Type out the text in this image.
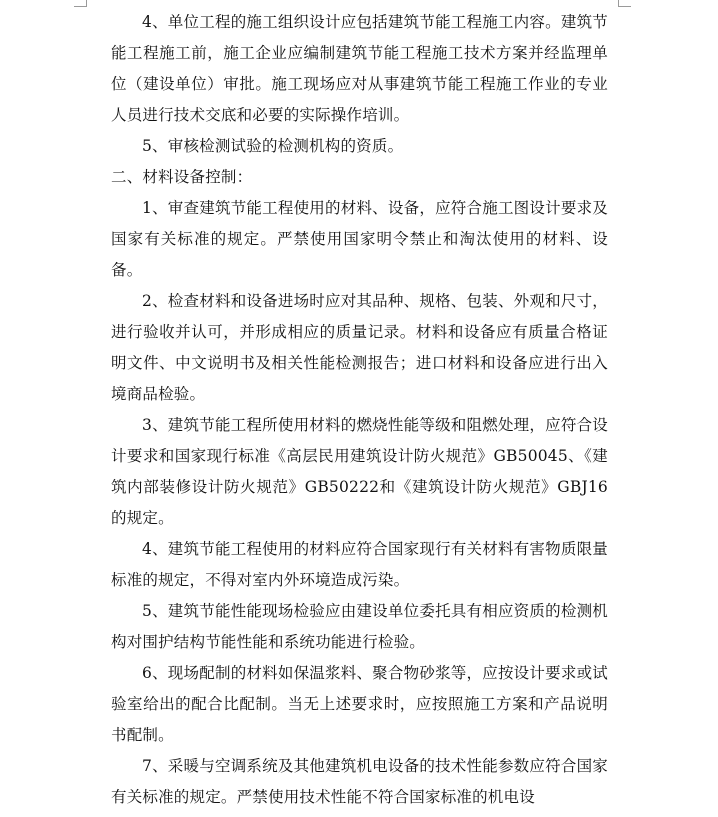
4、单位工程的施工组织设计应包括建筑节能工程施工内容。建筑节能工程施工前，施工企业应编制建筑节能工程施工技术方案并经监理单位（建设单位）审批。施工现场应对从事建筑节能工程施工作业的专业人员进行技术交底和必要的实际操作培训。

5、审核检测试验的检测机构的资质。

二、材料设备控制：

1、审查建筑节能工程使用的材料、设备，应符合施工图设计要求及国家有关标准的规定。严禁使用国家明令禁止和淘汰使用的材料、设备。

2、检查材料和设备进场时应对其品种、规格、包装、外观和尺寸，进行验收并认可，并形成相应的质量记录。材料和设备应有质量合格证明文件、中文说明书及相关性能检测报告；进口材料和设备应进行出入境商品检验。

3、建筑节能工程所使用材料的燃烧性能等级和阻燃处理，应符合设计要求和国家现行标准《高层民用建筑设计防火规范》GB50045、《建筑内部装修设计防火规范》GB50222和《建筑设计防火规范》GBJ16的规定。

4、建筑节能工程使用的材料应符合国家现行有关材料有害物质限量标准的规定，不得对室内外环境造成污染。

5、建筑节能性能现场检验应由建设单位委托具有相应资质的检测机构对围护结构节能性能和系统功能进行检验。

6、现场配制的材料如保温浆料、聚合物砂浆等，应按设计要求或试验室给出的配合比配制。当无上述要求时，应按照施工方案和产品说明书配制。

7、采暖与空调系统及其他建筑机电设备的技术性能参数应符合国家有关标准的规定。严禁使用技术性能不符合国家标准的机电设
